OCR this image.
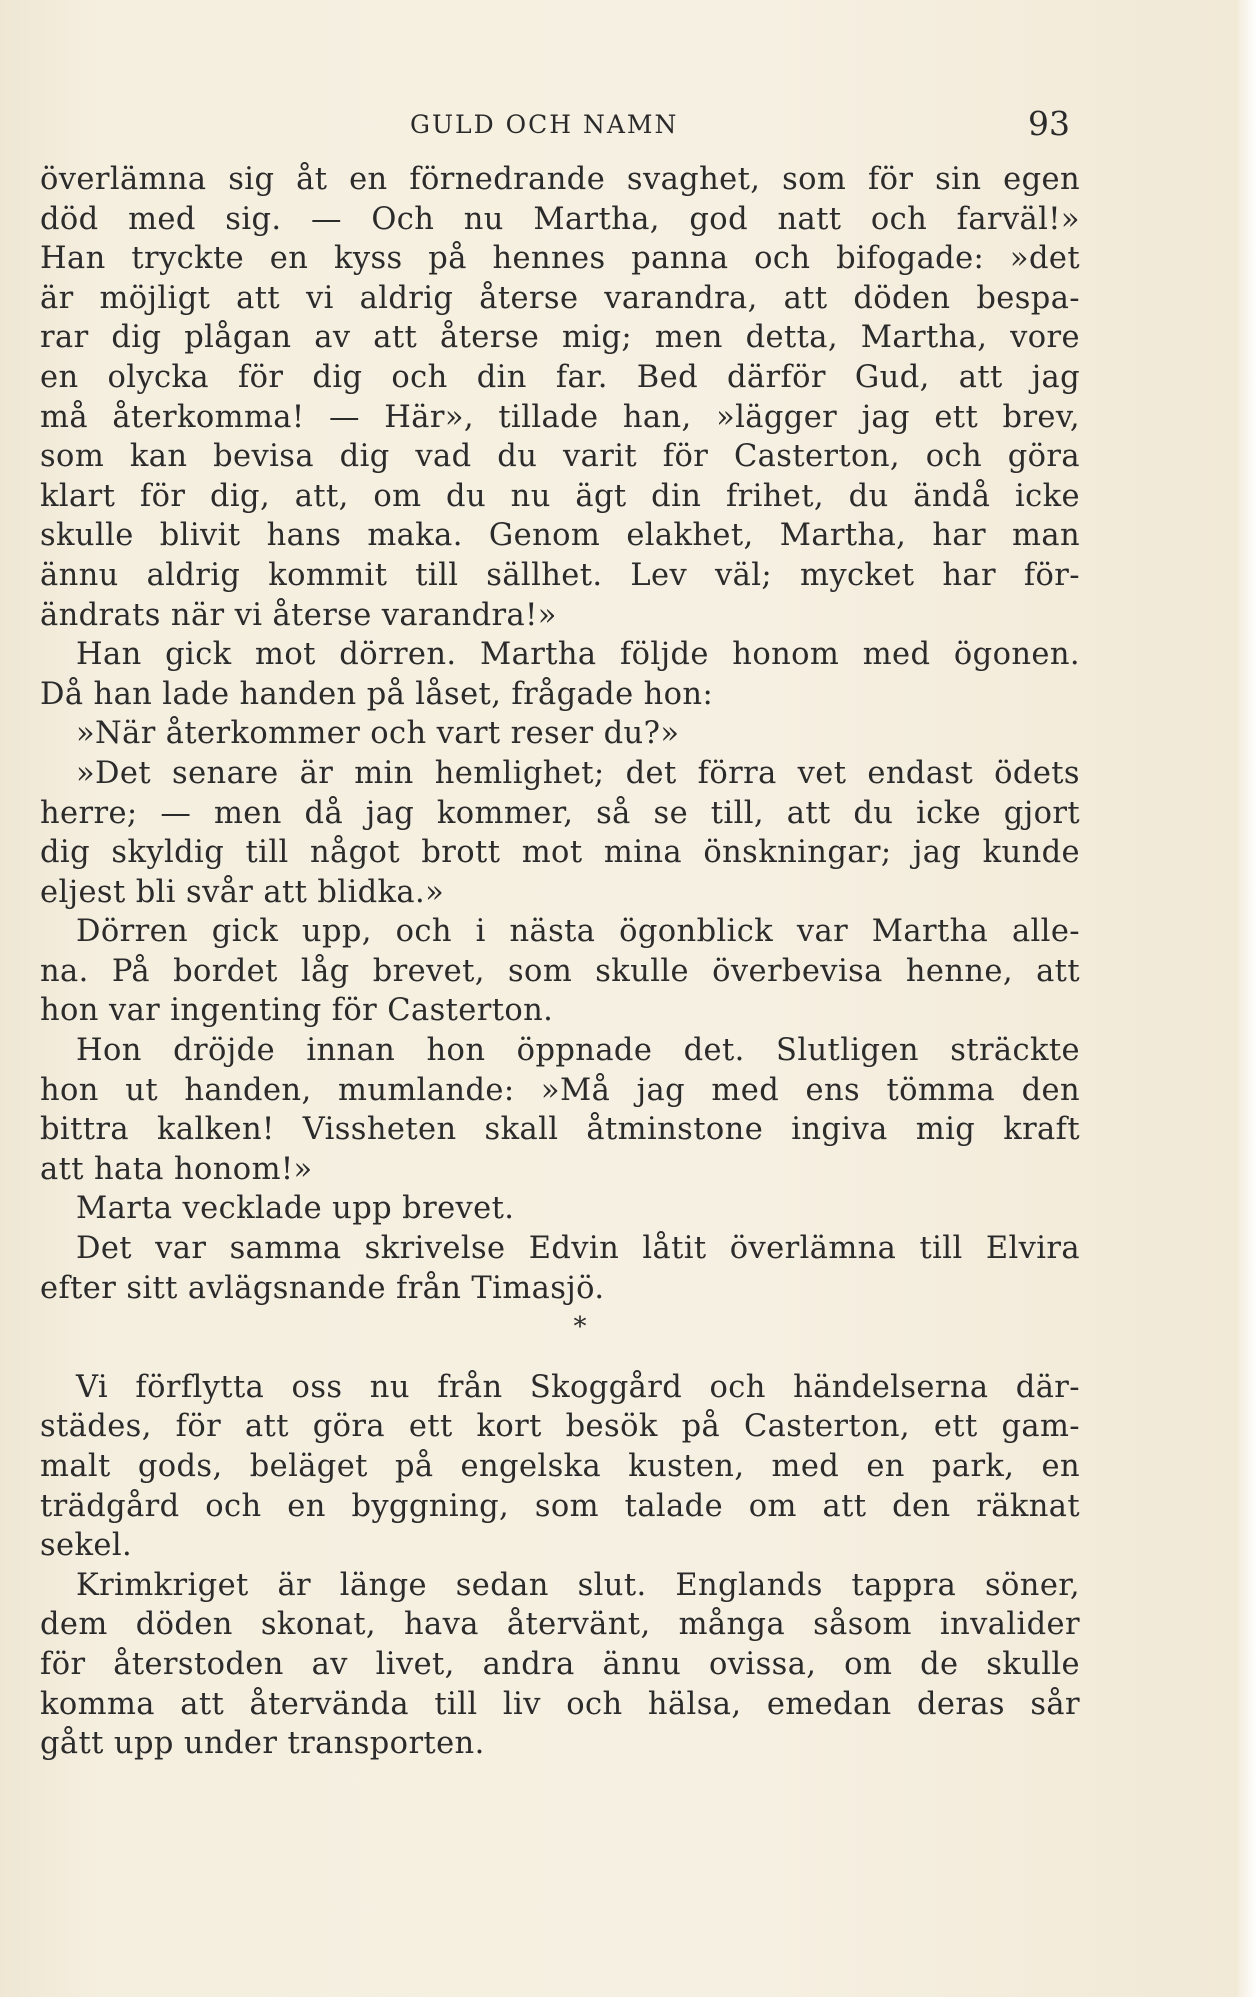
GULD OCH NAMN	93
överlämna sig åt en förnedrande svaghet, som för sin egen
död med sig. — Och nu Martha, god natt och farväl!»
Han tryckte en kyss på hennes panna och bifogade: »det
är möjligt att vi aldrig återse varandra, att döden bespa-
rar dig plågan av att återse mig; men detta, Martha, vore
en olycka för dig och din far. Bed därför Gud, att jag
må återkomma! — Här», tillade han, »lägger jag ett brev,
som kan bevisa dig vad du varit för Casterton, och göra
klart för dig, att, om du nu ägt din frihet, du ändå icke
skulle blivit hans maka. Genom elakhet, Martha, har man
ännu aldrig kommit till sällhet. Lev väl; mycket har för-
ändrats när vi återse varandra!»
Han gick mot dörren. Martha följde honom med ögonen.
Då han lade handen på låset, frågade hon:
»När återkommer och vart reser du?»
»Det senare är min hemlighet; det förra vet endast ödets
herre; — men då jag kommer, så se till, att du icke gjort
dig skyldig till något brott mot mina önskningar; jag kunde
eljest bli svår att blidka.»
Dörren gick upp, och i nästa ögonblick var Martha alle-
na. På bordet låg brevet, som skulle överbevisa henne, att
hon var ingenting för Casterton.
Hon dröjde innan hon öppnade det. Slutligen sträckte
hon ut handen, mumlande: »Må jag med ens tömma den
bittra kalken! Vissheten skall åtminstone ingiva mig kraft
att hata honom!»
Marta vecklade upp brevet.
Det var samma skrivelse Edvin låtit överlämna till Elvira
efter sitt avlägsnande från Timasjö.
*
Vi förflytta oss nu från Skoggård och händelserna där-
städes, för att göra ett kort besök på Casterton, ett gam-
malt gods, beläget på engelska kusten, med en park, en
trädgård och en byggning, som talade om att den räknat
sekel.
Krimkriget är länge sedan slut. Englands tappra söner,
dem döden skonat, hava återvänt, många såsom invalider
för återstoden av livet, andra ännu ovissa, om de skulle
komma att återvända till liv och hälsa, emedan deras sår
gått upp under transporten.
